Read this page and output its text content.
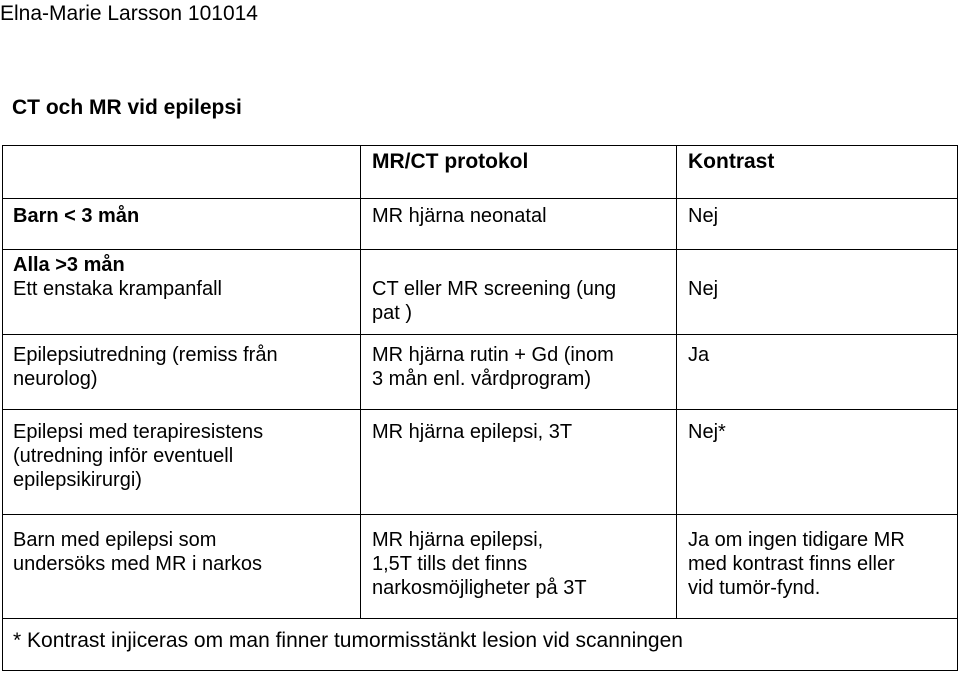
Elna-Marie Larsson 101014
CT och MR vid epilepsi
	MR/CT protokol	Kontrast

Barn < 3 mån	MR hjärna neonatal	Nej

Alla >3 mån
Ett enstaka krampanfall	CT eller MR screening (ung
pat )	Nej

Epilepsiutredning (remiss från
neurolog)	MR hjärna rutin + Gd (inom
3 mån enl. vårdprogram)	Ja

Epilepsi med terapiresistens
(utredning inför eventuell
epilepsikirurgi)	MR hjärna epilepsi, 3T	Nej*

Barn med epilepsi som
undersöks med MR i narkos	MR hjärna epilepsi,
1,5T tills det finns
narkosmöjligheter på 3T	Ja om ingen tidigare MR
med kontrast finns eller
vid tumör-fynd.

* Kontrast injiceras om man finner tumormisstänkt lesion vid scanningen		
